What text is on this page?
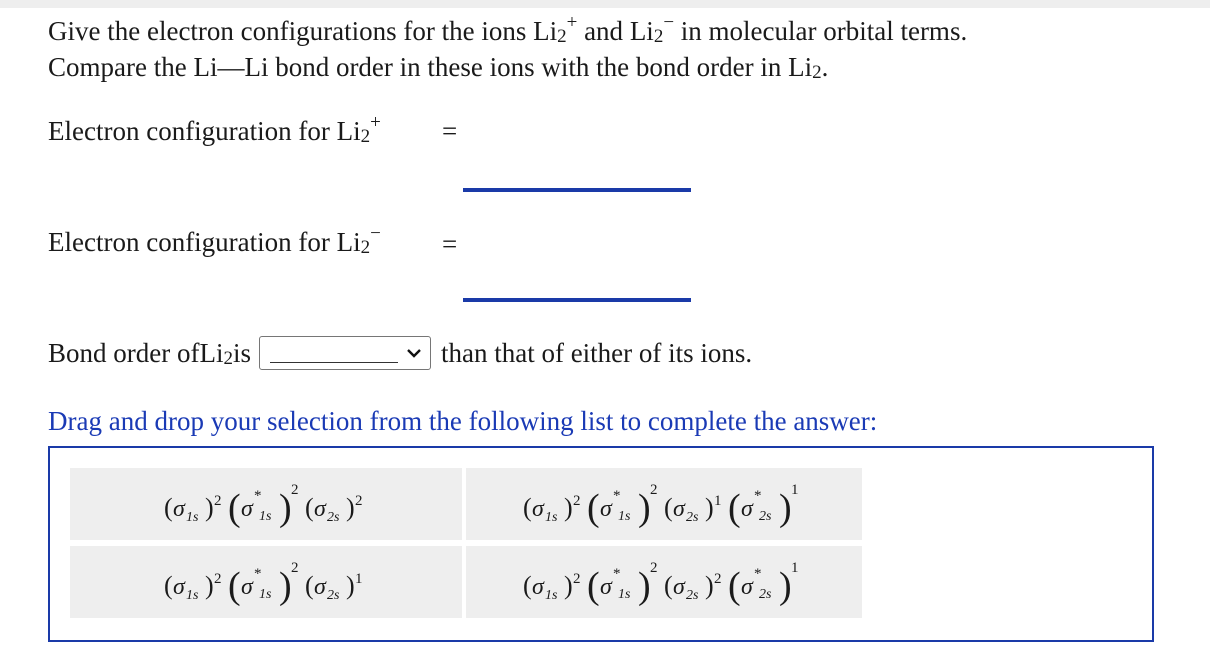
Give the electron configurations for the ions $Li_2^+$ and $Li_2^-$ in molecular orbital terms.
Compare the Li—Li bond order in these ions with the bond order in $Li_2$.
Electron configuration for $Li_2^+$ =
Electron configuration for $Li_2^-$ =
Bond order of $Li_2$ is	than that of either of its ions.
Drag and drop your selection from the following list to complete the answer:
( σ 1s ) 2 ( σ *
1s ) 2
( σ 2s ) 2	( σ 1s ) 2 ( σ *
1s ) 2
( σ 2s ) 1 ( σ *
2s ) 1
( σ 1s ) 2 ( σ *
1s ) 2
( σ 2s ) 1	( σ 1s ) 2 ( σ *
1s ) 2
( σ 2s ) 2 ( σ *
2s ) 1
